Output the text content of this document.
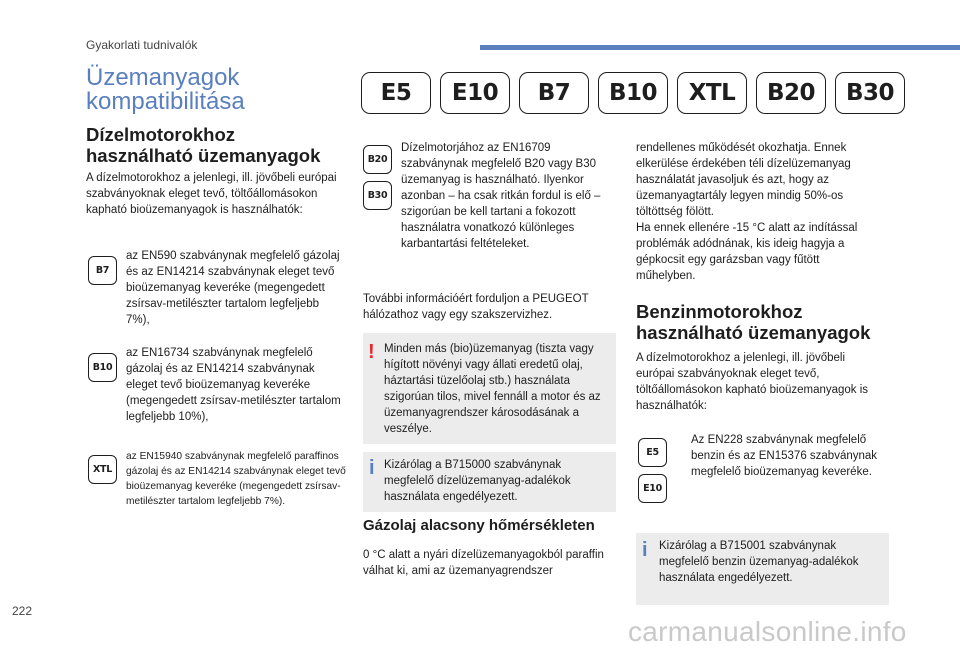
Gyakorlati tudnivalók
Üzemanyagok
kompatibilitása	E5	E10	B7	B10	XTL	B20	B30
Dízelmotorokhoz
használható üzemanyagok
A dízelmotorokhoz a jelenlegi, ill. jövőbeli európai szabványoknak eleget tevő, töltőállomásokon kapható bioüzemanyagok is használhatók:
B7
az EN590 szabványnak megfelelő gázolaj és az EN14214 szabványnak eleget tevő bioüzemanyag keveréke (megengedett zsírsav-metilészter tartalom legfeljebb 7%),
B10
az EN16734 szabványnak megfelelő gázolaj és az EN14214 szabványnak eleget tevő bioüzemanyag keveréke (megengedett zsírsav-metilészter tartalom legfeljebb 10%),
XTL
az EN15940 szabványnak megfelelő paraffinos gázolaj és az EN14214 szabványnak eleget tevő bioüzemanyag keveréke (megengedett zsírsav-metilészter tartalom legfeljebb 7%).
B20
B30
Dízelmotorjához az EN16709 szabványnak megfelelő B20 vagy B30 üzemanyag is használható. Ilyenkor azonban – ha csak ritkán fordul is elő – szigorúan be kell tartani a fokozott használatra vonatkozó különleges karbantartási feltételeket.
További információért forduljon a PEUGEOT hálózathoz vagy egy szakszervizhez.
! Minden más (bio)üzemanyag (tiszta vagy hígított növényi vagy állati eredetű olaj, háztartási tüzelőolaj stb.) használata szigorúan tilos, mivel fennáll a motor és az üzemanyagrendszer károsodásának a veszélye.
i Kizárólag a B715000 szabványnak megfelelő dízelüzemanyag-adalékok használata engedélyezett.
Gázolaj alacsony hőmérsékleten
0 °C alatt a nyári dízelüzemanyagokból paraffin válhat ki, ami az üzemanyagrendszer
rendellenes működését okozhatja. Ennek elkerülése érdekében téli dízelüzemanyag használatát javasoljuk és azt, hogy az üzemanyagtartály legyen mindig 50%-os töltöttség fölött.
Ha ennek ellenére -15 °C alatt az indítással problémák adódnának, kis ideig hagyja a gépkocsit egy garázsban vagy fűtött műhelyben.
Benzinmotorokhoz
használható üzemanyagok
A dízelmotorokhoz a jelenlegi, ill. jövőbeli európai szabványoknak eleget tevő, töltőállomásokon kapható bioüzemanyagok is használhatók:
E5
E10
Az EN228 szabványnak megfelelő benzin és az EN15376 szabványnak megfelelő bioüzemanyag keveréke.
i Kizárólag a B715001 szabványnak megfelelő benzin üzemanyag-adalékok használata engedélyezett.
222
carmanualsonline.info
